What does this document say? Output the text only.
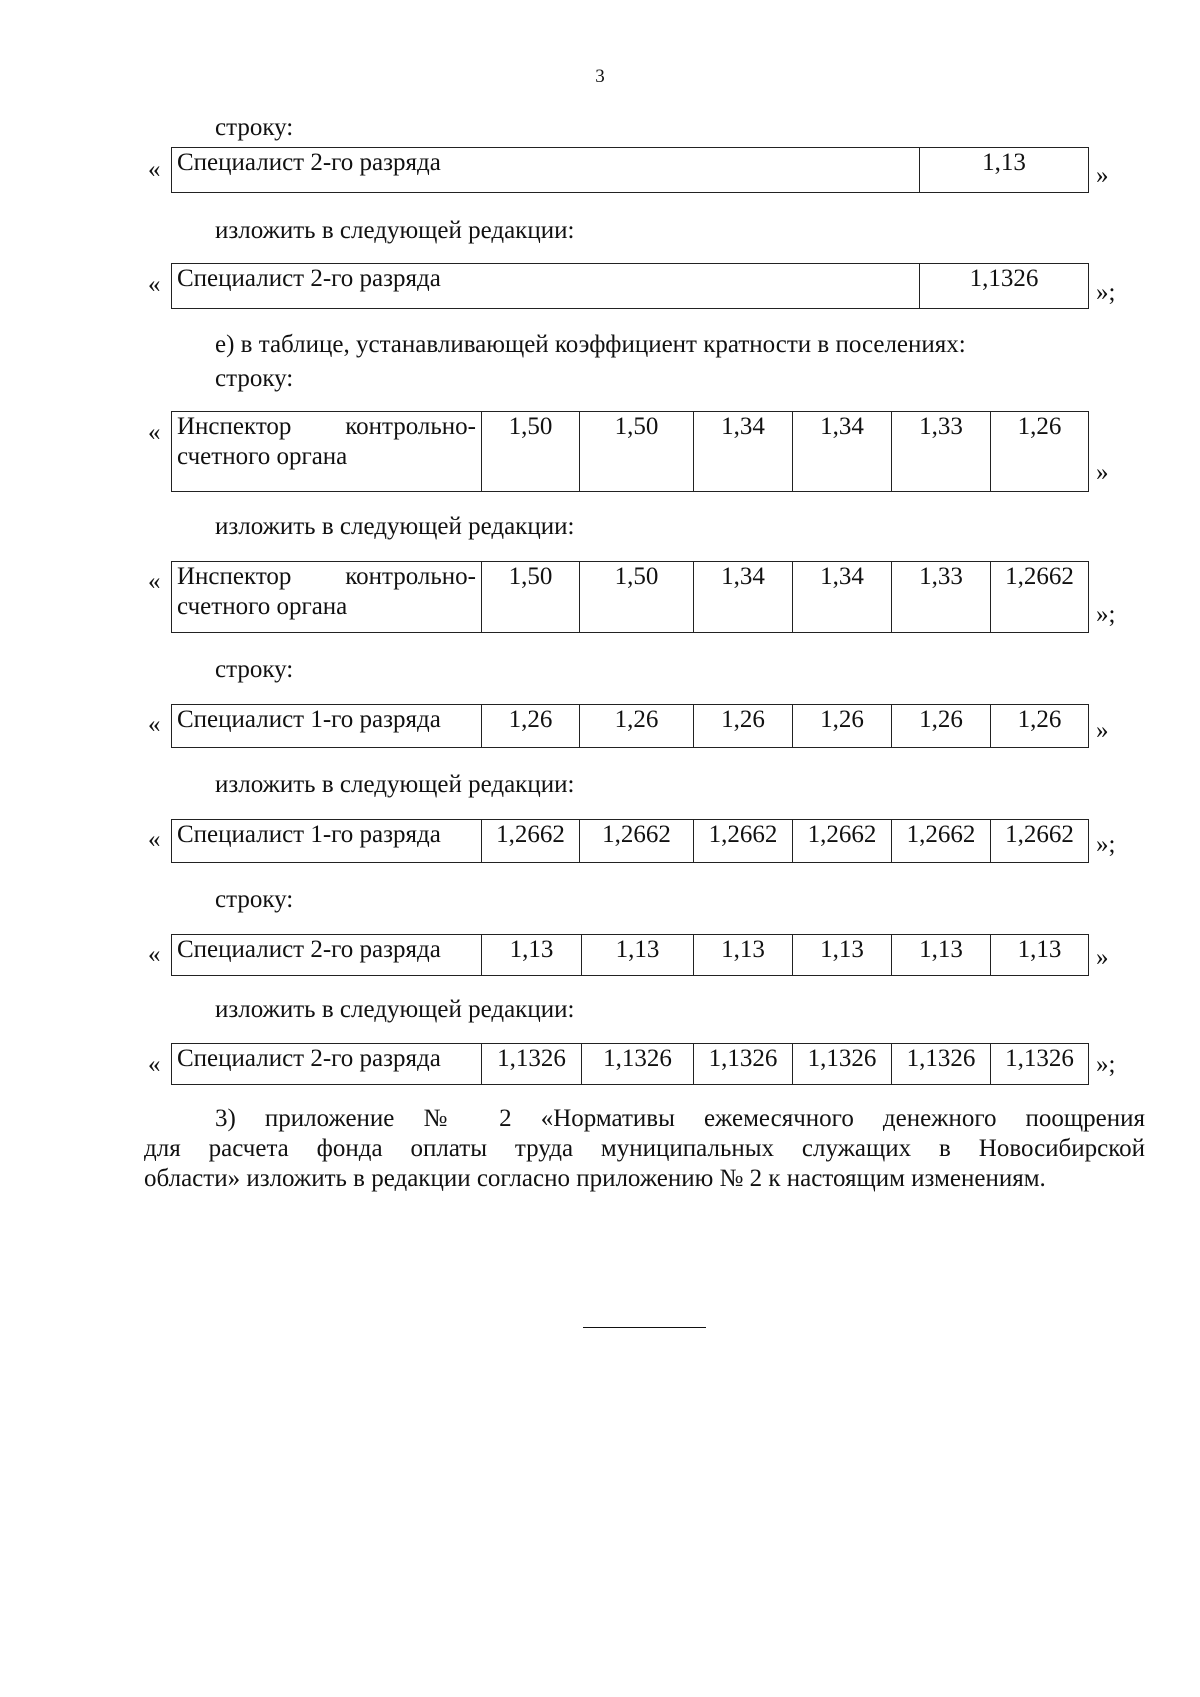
3
строку:
« Специалист 2-го разряда	1,13	»
изложить в следующей редакции:
« Специалист 2-го разряда	1,1326
»;
е) в таблице, устанавливающей коэффициент кратности в поселениях:
строку:
« Инспектор контрольно-
счетного органа
	1,50	1,50	1,34	1,34	1,33	1,26
»
изложить в следующей редакции:
« Инспектор контрольно-
счетного органа
	1,50	1,50	1,34	1,34	1,33	1,2662
»;
строку:
« Специалист 1-го разряда	1,26	1,26	1,26	1,26	1,26	1,26 »
изложить в следующей редакции:
« Специалист 1-го разряда	1,2662	1,2662	1,2662	1,2662	1,2662	1,2662 »;
строку:
« Специалист 2-го разряда	1,13	1,13	1,13	1,13	1,13	1,13 »
изложить в следующей редакции:
« Специалист 2-го разряда	1,1326	1,1326	1,1326	1,1326	1,1326	1,1326 »;

3) приложение № 2 «Нормативы ежемесячного денежного поощрения

для расчета фонда оплаты труда муниципальных служащих в Новосибирской

области» изложить в редакции согласно приложению № 2 к настоящим изменениям.
